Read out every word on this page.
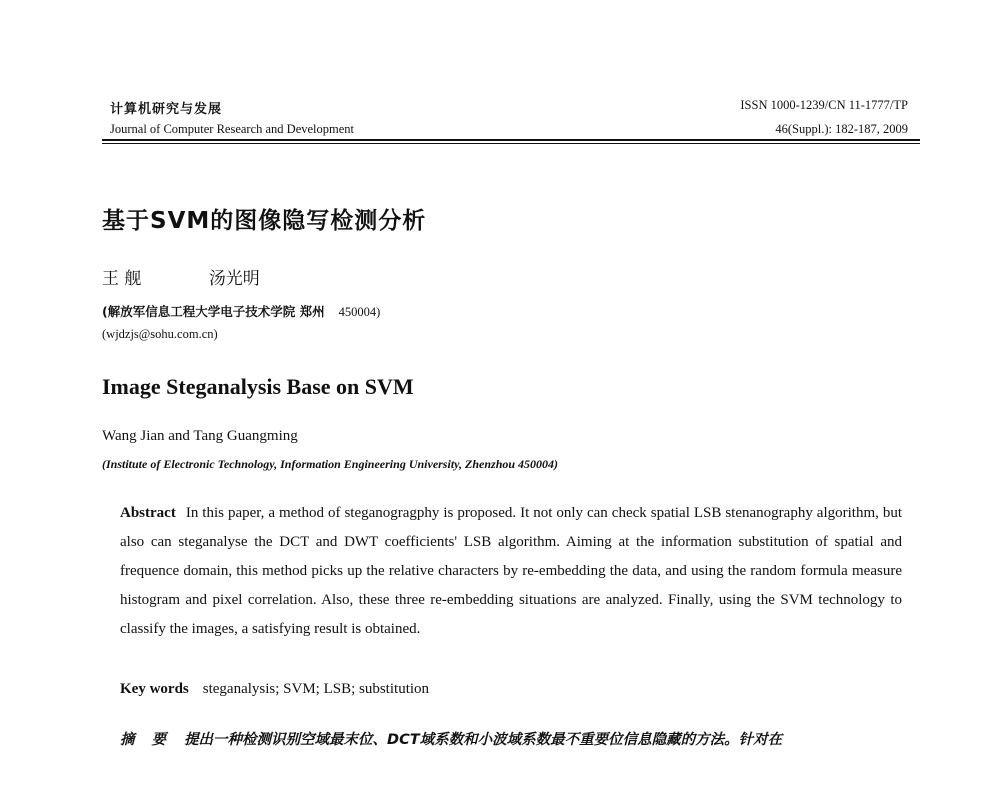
计算机研究与发展
Journal of Computer Research and Development
ISSN 1000-1239/CN 11-1777/TP
46(Suppl.): 182-187, 2009
基于SVM的图像隐写检测分析
王 舰	汤光明
(解放军信息工程大学电子技术学院 郑州 450004)
(wjdzjs@sohu.com.cn)
Image Steganalysis Base on SVM
Wang Jian and Tang Guangming
(Institute of Electronic Technology, Information Engineering University, Zhenzhou 450004)
Abstract In this paper, a method of steganogragphy is proposed. It not only can check spatial LSB stenanography algorithm, but also can steganalyse the DCT and DWT coefficients' LSB algorithm. Aiming at the information substitution of spatial and frequence domain, this method picks up the relative characters by re-embedding the data, and using the random formula measure histogram and pixel correlation. Also, these three re-embedding situations are analyzed. Finally, using the SVM technology to classify the images, a satisfying result is obtained.
Key words steganalysis; SVM; LSB; substitution
摘 要 提出一种检测识别空域最末位、DCT域系数和小波域系数最不重要位信息隐藏的方法。针对在
